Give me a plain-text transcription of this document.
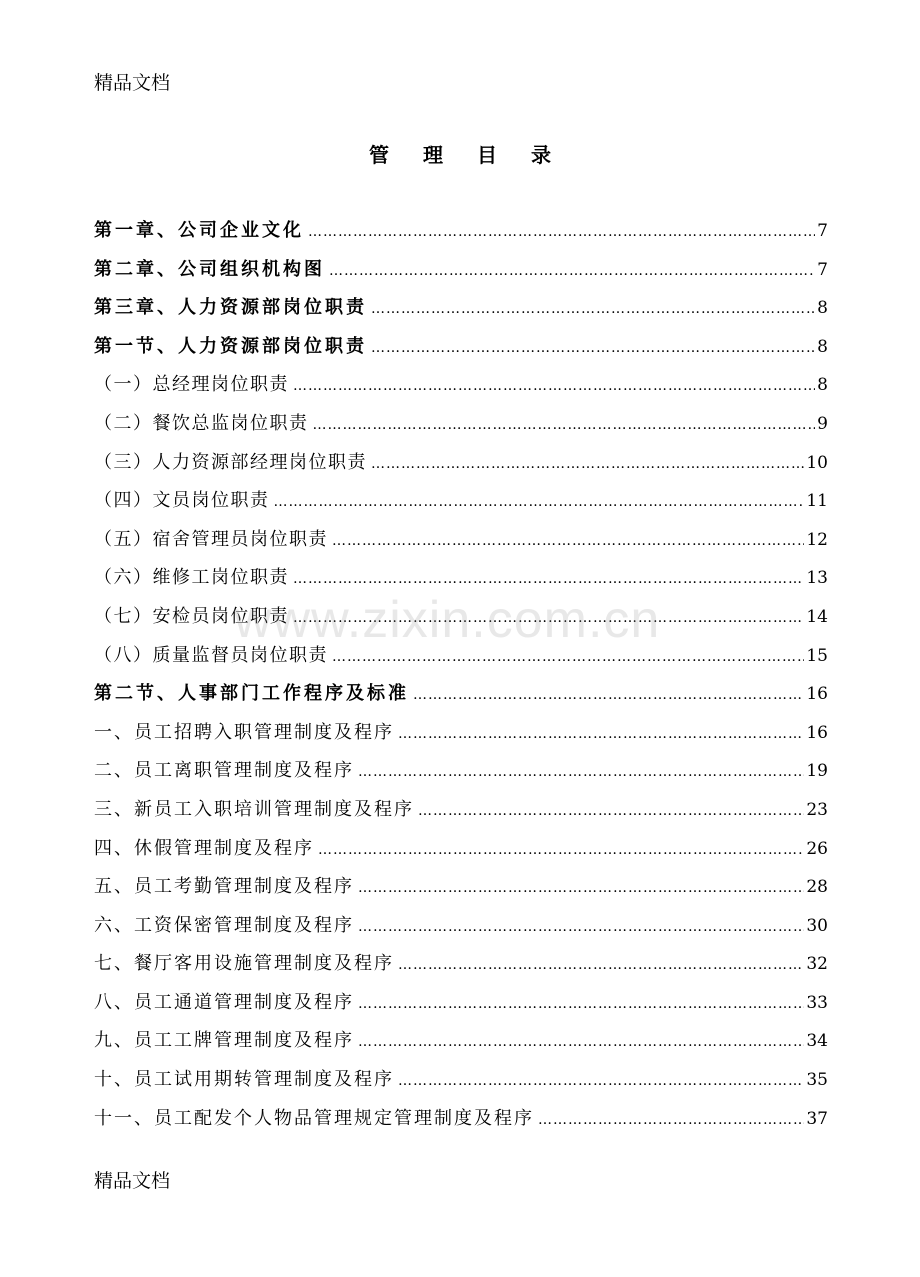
精品文档
管理目录
第一章、公司企业文化 …………………………………………………………………………………………………………………………………………………………………………………………………………………………	7
第二章、公司组织机构图 …………………………………………………………………………………………………………………………………………………………………………………………………………………………	7
第三章、人力资源部岗位职责 …………………………………………………………………………………………………………………………………………………………………………………………………………………………	8
第一节、人力资源部岗位职责 …………………………………………………………………………………………………………………………………………………………………………………………………………………………	8
（一）总经理岗位职责 …………………………………………………………………………………………………………………………………………………………………………………………………………………………	8
（二）餐饮总监岗位职责 …………………………………………………………………………………………………………………………………………………………………………………………………………………………	9
（三）人力资源部经理岗位职责 …………………………………………………………………………………………………………………………………………………………………………………………………………………………	10
（四）文员岗位职责 …………………………………………………………………………………………………………………………………………………………………………………………………………………………	11
（五）宿舍管理员岗位职责 …………………………………………………………………………………………………………………………………………………………………………………………………………………………	12
（六）维修工岗位职责 …………………………………………………………………………………………………………………………………………………………………………………………………………………………	13
（七）安检员岗位职责 …………………………………………………………………………………………………………………………………………………………………………………………………………………………	14
（八）质量监督员岗位职责 …………………………………………………………………………………………………………………………………………………………………………………………………………………………	15
第二节、人事部门工作程序及标准 …………………………………………………………………………………………………………………………………………………………………………………………………………………………	16
一、员工招聘入职管理制度及程序 …………………………………………………………………………………………………………………………………………………………………………………………………………………………	16
二、员工离职管理制度及程序 …………………………………………………………………………………………………………………………………………………………………………………………………………………………	19
三、新员工入职培训管理制度及程序 …………………………………………………………………………………………………………………………………………………………………………………………………………………………	23
四、休假管理制度及程序 …………………………………………………………………………………………………………………………………………………………………………………………………………………………	26
五、员工考勤管理制度及程序 …………………………………………………………………………………………………………………………………………………………………………………………………………………………	28
六、工资保密管理制度及程序 …………………………………………………………………………………………………………………………………………………………………………………………………………………………	30
七、餐厅客用设施管理制度及程序 …………………………………………………………………………………………………………………………………………………………………………………………………………………………	32
八、员工通道管理制度及程序 …………………………………………………………………………………………………………………………………………………………………………………………………………………………	33
九、员工工牌管理制度及程序 …………………………………………………………………………………………………………………………………………………………………………………………………………………………	34
十、员工试用期转管理制度及程序 …………………………………………………………………………………………………………………………………………………………………………………………………………………………	35
十一、员工配发个人物品管理规定管理制度及程序 …………………………………………………………………………………………………………………………………………………………………………………………………………………………	37
www.zixin.com.cn
精品文档
